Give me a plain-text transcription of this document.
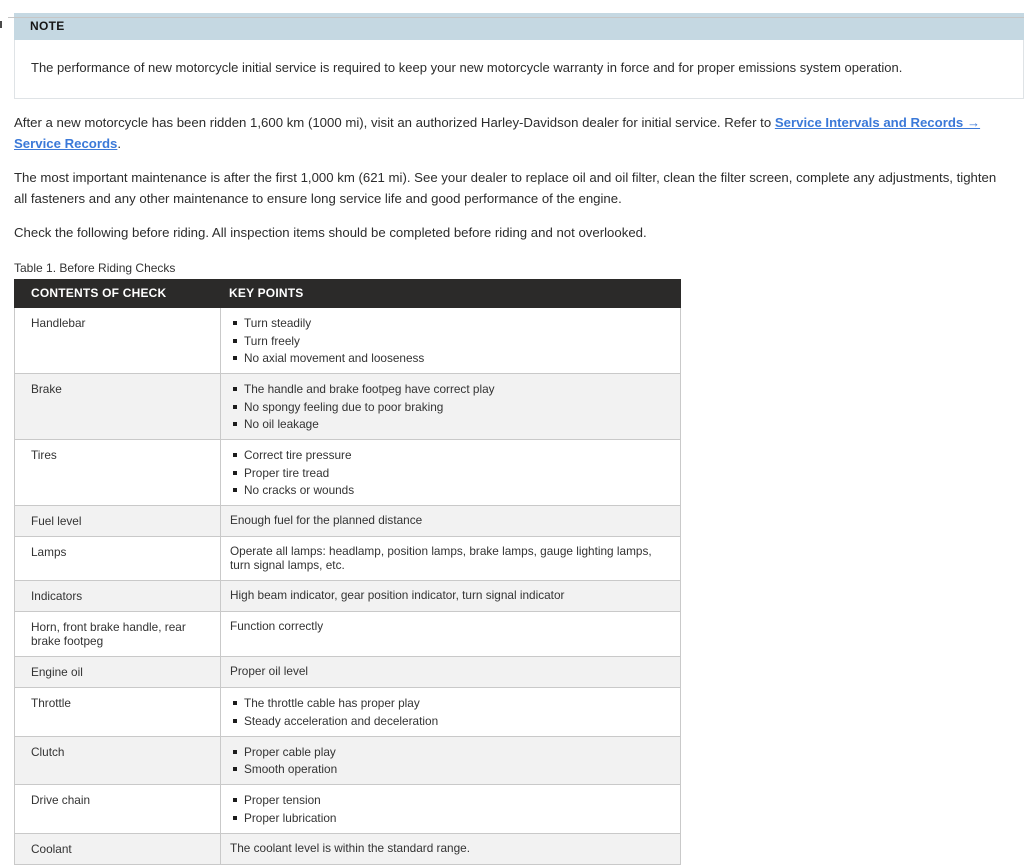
NOTE
The performance of new motorcycle initial service is required to keep your new motorcycle warranty in force and for proper emissions system operation.

After a new motorcycle has been ridden 1,600 km (1000 mi), visit an authorized Harley-Davidson dealer for initial service. Refer to Service Intervals and Records → Service Records.

The most important maintenance is after the first 1,000 km (621 mi). See your dealer to replace oil and oil filter, clean the filter screen, complete any adjustments, tighten all fasteners and any other maintenance to ensure long service life and good performance of the engine.

Check the following before riding. All inspection items should be completed before riding and not overlooked.

Table 1. Before Riding Checks
CONTENTS OF CHECK	KEY POINTS
Handlebar	Turn steadily
Turn freely
No axial movement and looseness

Brake	The handle and brake footpeg have correct play
No spongy feeling due to poor braking
No oil leakage

Tires	Correct tire pressure
Proper tire tread
No cracks or wounds

Fuel level	Enough fuel for the planned distance
Lamps	Operate all lamps: headlamp, position lamps, brake lamps, gauge lighting lamps, turn signal lamps, etc.
Indicators	High beam indicator, gear position indicator, turn signal indicator
Horn, front brake handle, rear brake footpeg	Function correctly
Engine oil	Proper oil level
Throttle	The throttle cable has proper play
Steady acceleration and deceleration

Clutch	Proper cable play
Smooth operation

Drive chain	Proper tension
Proper lubrication

Coolant	The coolant level is within the standard range.
